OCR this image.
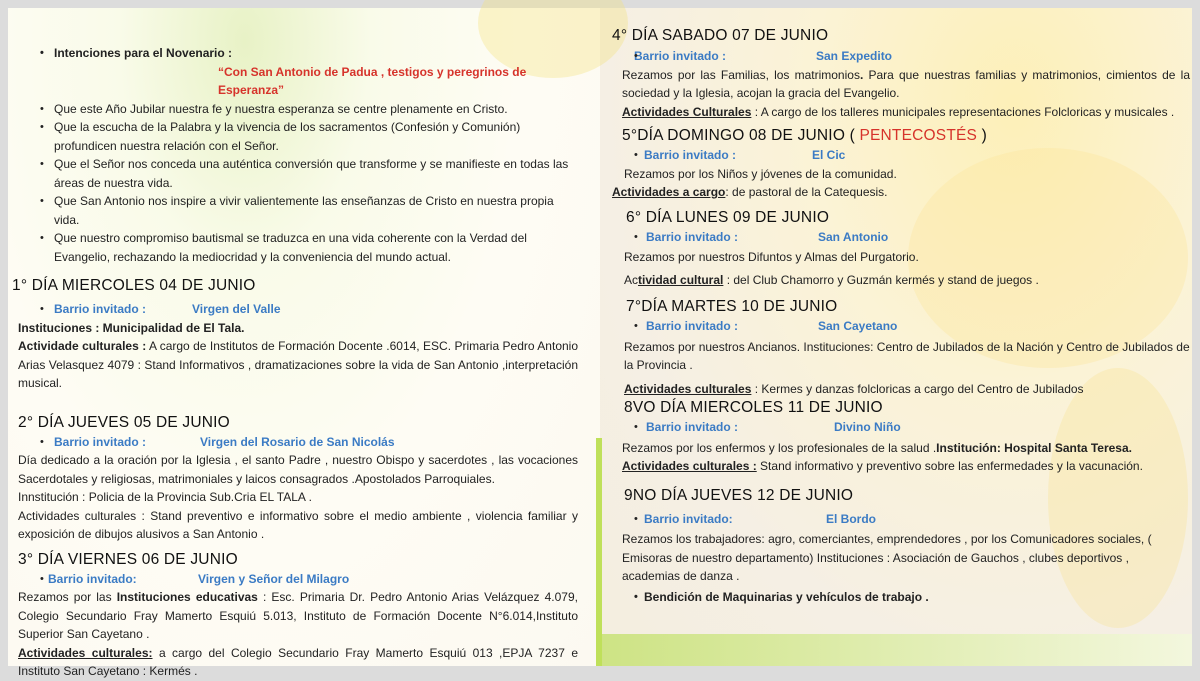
• Intenciones para el Novenario :
“Con San Antonio de Padua , testigos y peregrinos de Esperanza”
• Que este Año Jubilar nuestra fe y nuestra esperanza se centre plenamente en Cristo.
• Que la escucha de la Palabra y la vivencia de los sacramentos (Confesión y Comunión) profundicen nuestra relación con el Señor.
• Que el Señor nos conceda una auténtica conversión que transforme y se manifieste en todas las áreas de nuestra vida.
• Que San Antonio nos inspire a vivir valientemente las enseñanzas de Cristo en nuestra propia vida.
• Que nuestro compromiso bautismal se traduzca en una vida coherente con la Verdad del Evangelio, rechazando la mediocridad y la conveniencia del mundo actual.
1° DÍA MIERCOLES 04 DE JUNIO
• Barrio invitado :	Virgen del Valle
Instituciones : Municipalidad de El Tala.
Actividade culturales : A cargo de Institutos de Formación Docente .6014, ESC. Primaria Pedro Antonio Arias Velasquez 4079 : Stand Informativos , dramatizaciones sobre la vida de San Antonio ,interpretación musical.
2° DÍA JUEVES 05 DE JUNIO
• Barrio invitado :	Virgen del Rosario de San Nicolás
Día dedicado a la oración por la Iglesia , el santo Padre , nuestro Obispo y sacerdotes , las vocaciones Sacerdotales y religiosas, matrimoniales y laicos consagrados .Apostolados Parroquiales.
Innstitución : Policia de la Provincia Sub.Cria EL TALA .
Actividades culturales : Stand preventivo e informativo sobre el medio ambiente , violencia familiar y exposición de dibujos alusivos a San Antonio .
3° DÍA VIERNES 06 DE JUNIO
• Barrio invitado:	Virgen y Señor del Milagro
Rezamos por las Instituciones educativas : Esc. Primaria Dr. Pedro Antonio Arias Velázquez 4.079, Colegio Secundario Fray Mamerto Esquiú 5.013, Instituto de Formación Docente N°6.014,Instituto Superior San Cayetano .
Actividades culturales: a cargo del Colegio Secundario Fray Mamerto Esquiú 013 ,EPJA 7237 e Instituto San Cayetano : Kermés .
4° DÍA SABADO 07 DE JUNIO
• Barrio invitado :	San Expedito
Rezamos por las Familias, los matrimonios. Para que nuestras familias y matrimonios, cimientos de la sociedad y la Iglesia, acojan la gracia del Evangelio.
Actividades Culturales : A cargo de los talleres municipales representaciones Folcloricas y musicales .
5°DÍA DOMINGO 08 DE JUNIO ( PENTECOSTÉS )
• Barrio invitado :	El Cic
Rezamos por los Niños y jóvenes de la comunidad.
Actividades a cargo: de pastoral de la Catequesis.
6° DÍA LUNES 09 DE JUNIO
• Barrio invitado :	San Antonio
Rezamos por nuestros Difuntos y Almas del Purgatorio.
Actividad cultural : del Club Chamorro y Guzmán kermés y stand de juegos .
7°DÍA MARTES 10 DE JUNIO
• Barrio invitado :	San Cayetano
Rezamos por nuestros Ancianos. Instituciones: Centro de Jubilados de la Nación y Centro de Jubilados de la Provincia .
Actividades culturales : Kermes y danzas folcloricas a cargo del Centro de Jubilados
8VO DÍA MIERCOLES 11 DE JUNIO
• Barrio invitado :	Divino Niño
Rezamos por los enfermos y los profesionales de la salud .Institución: Hospital Santa Teresa.
Actividades culturales : Stand informativo y preventivo sobre las enfermedades y la vacunación.
9NO DÍA JUEVES 12 DE JUNIO
• Barrio invitado:	El Bordo
Rezamos los trabajadores: agro, comerciantes, emprendedores , por los Comunicadores sociales, ( Emisoras de nuestro departamento) Instituciones : Asociación de Gauchos , clubes deportivos , academias de danza .
• Bendición de Maquinarias y vehículos de trabajo .
